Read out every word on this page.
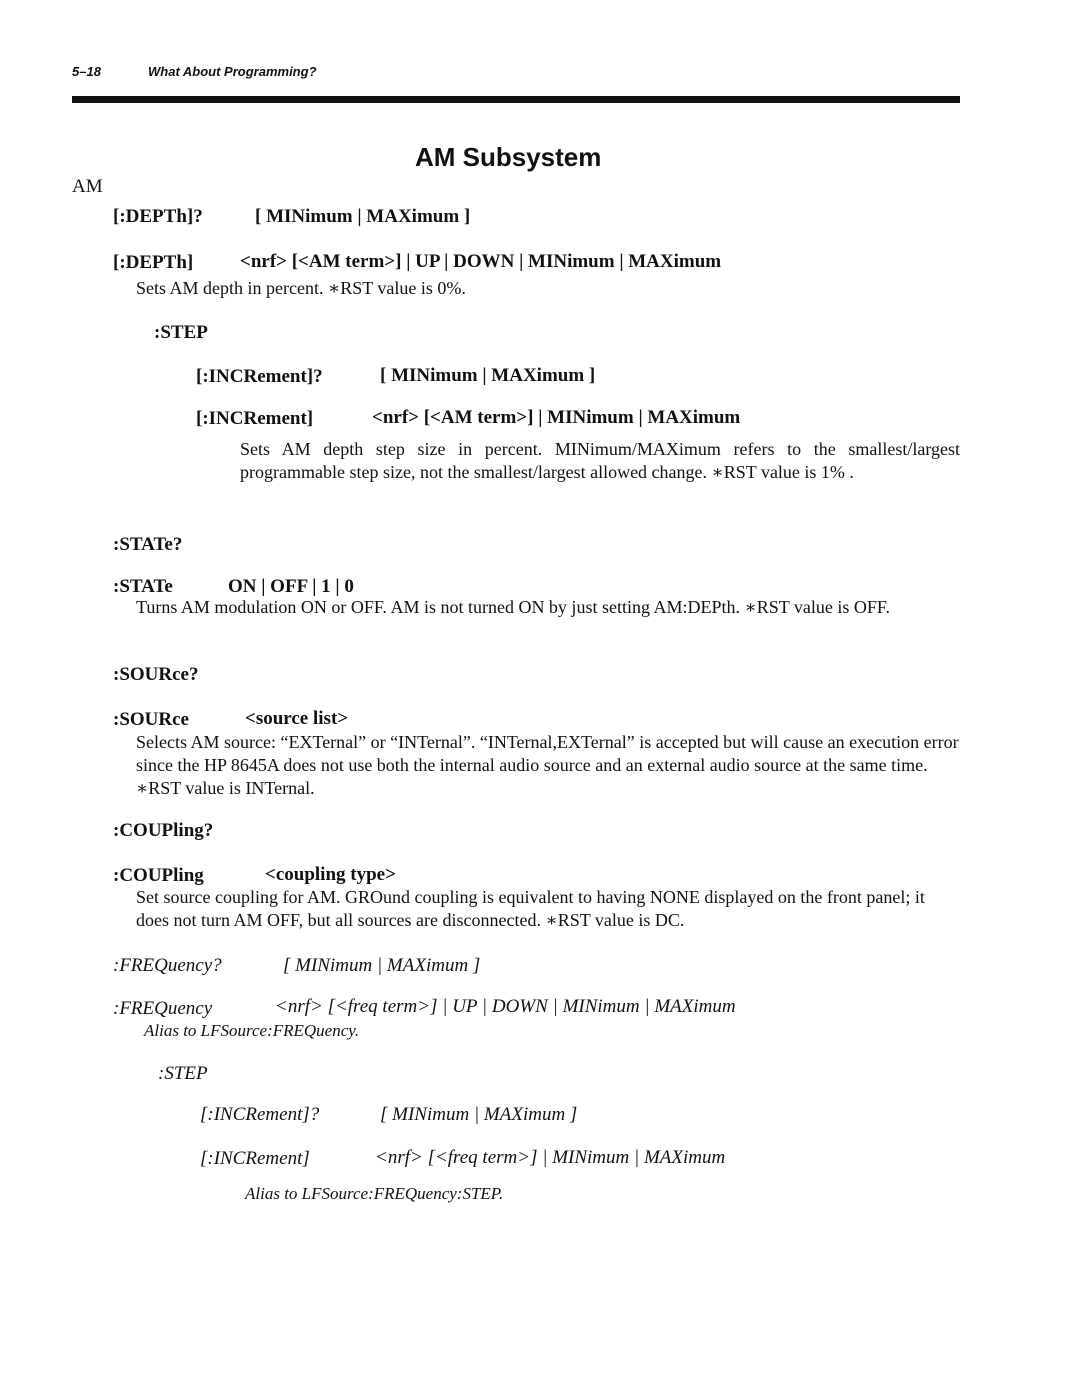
5–18	What About Programming?
AM Subsystem
AM
[:DEPTh]?	[ MINimum | MAXimum ]
[:DEPTh] <nrf> [<AM term>] | UP | DOWN | MINimum | MAXimum
Sets AM depth in percent. ∗RST value is 0%.
:STEP
[:INCRement]?	[ MINimum | MAXimum ]
[:INCRement]	<nrf> [<AM term>] | MINimum | MAXimum
Sets AM depth step size in percent. MINimum/MAXimum refers to the smallest/largest programmable step size, not the smallest/largest allowed change. ∗RST value is 1% .
:STATe?
:STATe	ON | OFF | 1 | 0
Turns AM modulation ON or OFF. AM is not turned ON by just setting AM:DEPth. ∗RST value is OFF.
:SOURce?
:SOURce	<source list>
Selects AM source: “EXTernal” or “INTernal”. “INTernal,EXTernal” is accepted but will cause an execution error since the HP 8645A does not use both the internal audio source and an external audio source at the same time. ∗RST value is INTernal.
:COUPling?
:COUPling	<coupling type>
Set source coupling for AM. GROund coupling is equivalent to having NONE displayed on the front panel; it does not turn AM OFF, but all sources are disconnected. ∗RST value is DC.
:FREQuency?	[ MINimum | MAXimum ]
:FREQuency	<nrf> [<freq term>] | UP | DOWN | MINimum | MAXimum
Alias to LFSource:FREQuency.
:STEP
[:INCRement]?	[ MINimum | MAXimum ]
[:INCRement]	<nrf> [<freq term>] | MINimum | MAXimum
Alias to LFSource:FREQuency:STEP.
